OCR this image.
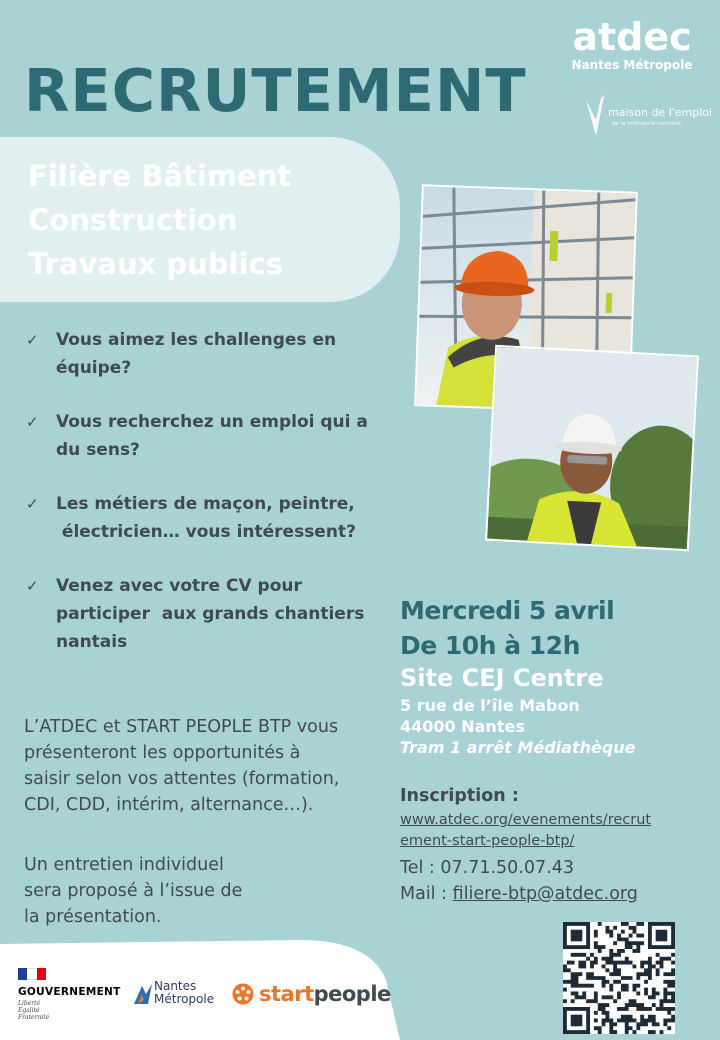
atdec
Nantes Métropole
maison de l'emploi
de la métropole nantaise
RECRUTEMENT
Filière Bâtiment
Construction
Travaux publics
✓ Vous aimez les challenges en
équipe?
✓ Vous recherchez un emploi qui a
du sens?
✓ Les métiers de maçon, peintre,
électricien… vous intéressent?
✓ Venez avec votre CV pour
participer  aux grands chantiers
nantais
L’ATDEC et START PEOPLE BTP vous
présenteront les opportunités à
saisir selon vos attentes (formation,
CDI, CDD, intérim, alternance…).
Un entretien individuel
sera proposé à l’issue de
la présentation.
Mercredi 5 avril
De 10h à 12h
Site CEJ Centre
5 rue de l’île Mabon
44000 Nantes
Tram 1 arrêt Médiathèque
Inscription :
www.atdec.org/evenements/recrut
ement-start-people-btp/
Tel : 07.71.50.07.43
Mail : filiere-btp@atdec.org
GOUVERNEMENT
Liberté
Égalité
Fraternité
Nantes
Métropole startpeople
